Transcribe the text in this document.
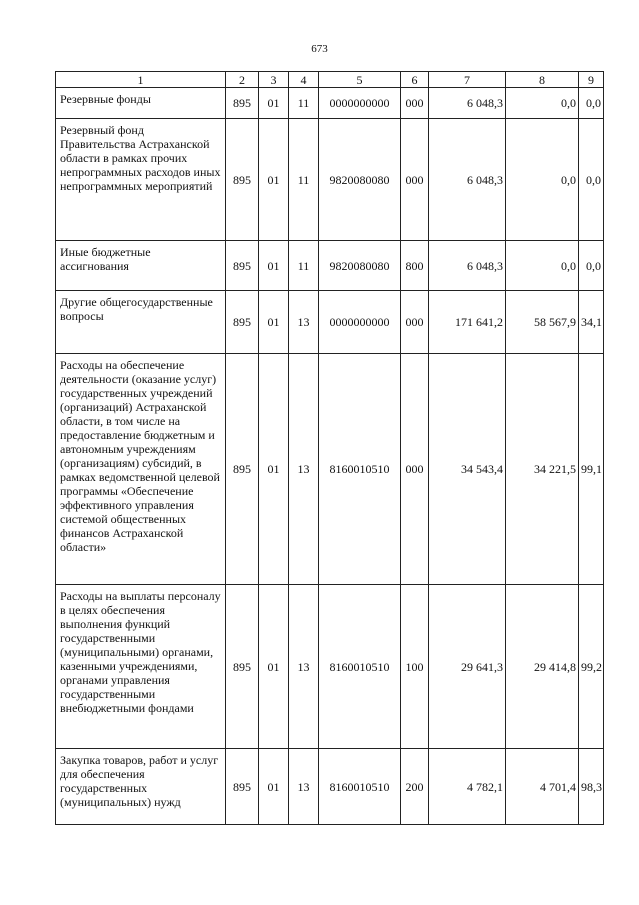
673
1	2	3	4	5	6	7	8	9
Резервные фонды	895	01	11	0000000000	000	6 048,3	0,0	0,0
Резервный фонд Правительства Астраханской области в рамках прочих непрограммных расходов иных непрограммных мероприятий	895	01	11	9820080080	000	6 048,3	0,0	0,0
Иные бюджетные ассигнования	895	01	11	9820080080	800	6 048,3	0,0	0,0
Другие общегосударственные вопросы	895	01	13	0000000000	000	171 641,2	58 567,9	34,1
Расходы на обеспечение деятельности (оказание услуг) государственных учреждений (организаций) Астраханской области, в том числе на предоставление бюджетным и автономным учреждениям (организациям) субсидий, в рамках ведомственной целевой программы «Обеспечение эффективного управления системой общественных финансов Астраханской области»	895	01	13	8160010510	000	34 543,4	34 221,5	99,1
Расходы на выплаты персоналу в целях обеспечения выполнения функций государственными (муниципальными) органами, казенными учреждениями, органами управления государственными внебюджетными фондами	895	01	13	8160010510	100	29 641,3	29 414,8	99,2
Закупка товаров, работ и услуг для обеспечения государственных (муниципальных) нужд	895	01	13	8160010510	200	4 782,1	4 701,4	98,3
